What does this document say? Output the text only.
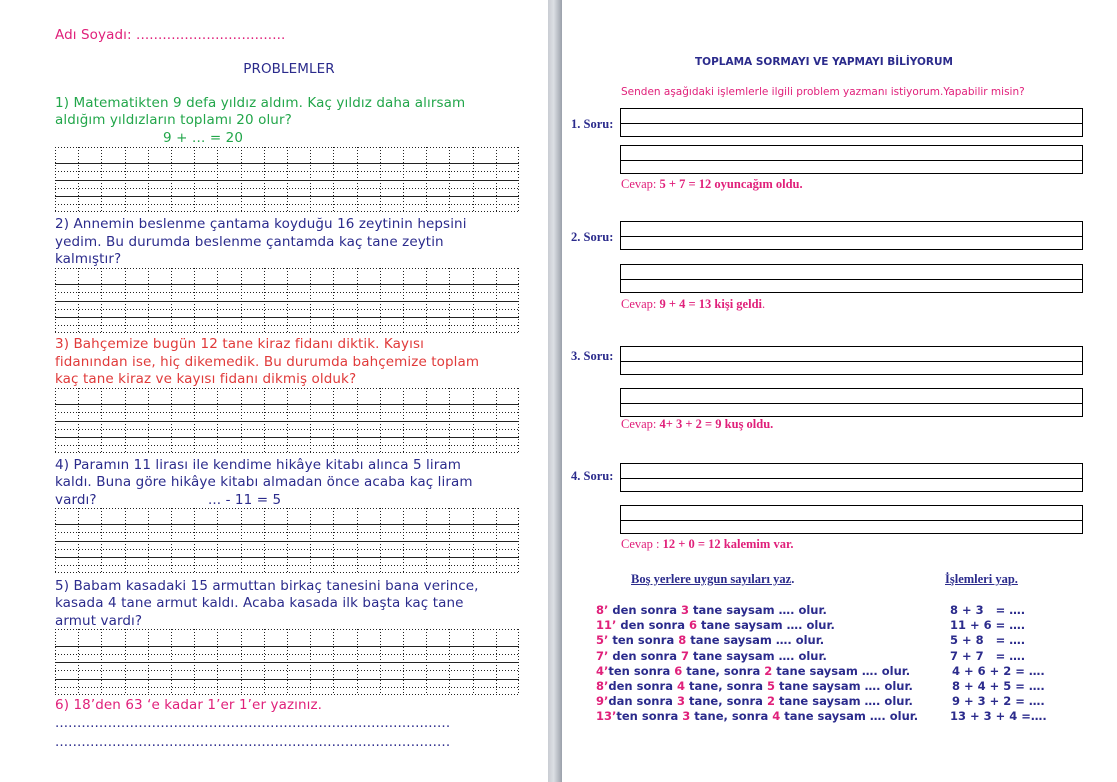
Adı Soyadı: ..................................
PROBLEMLER
1) Matematikten 9 defa yıldız aldım. Kaç yıldız daha alırsam
aldığım yıldızların toplamı 20 olur?
9 + … = 20
2) Annemin beslenme çantama koyduğu 16 zeytinin hepsini
yedim. Bu durumda beslenme çantamda kaç tane zeytin
kalmıştır?
3) Bahçemize bugün 12 tane kiraz fidanı diktik. Kayısı
fidanından ise, hiç dikemedik. Bu durumda bahçemize toplam
kaç tane kiraz ve kayısı fidanı dikmiş olduk?
4) Paramın 11 lirası ile kendime hikâye kitabı alınca 5 liram
kaldı. Buna göre hikâye kitabı almadan önce acaba kaç liram
vardı?	... - 11 = 5
5) Babam kasadaki 15 armuttan birkaç tanesini bana verince,
kasada 4 tane armut kaldı. Acaba kasada ilk başta kaç tane
armut vardı?
6) 18’den 63 ‘e kadar 1’er 1’er yazınız.
..........................................................................................
..........................................................................................
TOPLAMA SORMAYI VE YAPMAYI BİLİYORUM
Senden aşağıdaki işlemlerle ilgili problem yazmanı istiyorum.Yapabilir misin?
1. Soru:
Cevap: 5 + 7 = 12 oyuncağım oldu.
2. Soru:
Cevap: 9 + 4 = 13 kişi geldi.
3. Soru:
Cevap: 4+ 3 + 2 = 9 kuş oldu.
4. Soru:
Cevap : 12 + 0 = 12 kalemim var.
Boş yerlere uygun sayıları yaz.	İşlemleri yap.
8’ den sonra 3 tane saysam …. olur.
11’ den sonra 6 tane saysam …. olur.
5’ ten sonra 8 tane saysam …. olur.
7’ den sonra 7 tane saysam …. olur.
4’ten sonra 6 tane, sonra 2 tane saysam …. olur.
8’den sonra 4 tane, sonra 5 tane saysam …. olur.
9’dan sonra 3 tane, sonra 2 tane saysam …. olur.
13’ten sonra 3 tane, sonra 4 tane saysam …. olur.
8 + 3   = ….
11 + 6 = ….
5 + 8   = ….
7 + 7   = ….
4 + 6 + 2 = ….
8 + 4 + 5 = ….
9 + 3 + 2 = ….
13 + 3 + 4 =….
